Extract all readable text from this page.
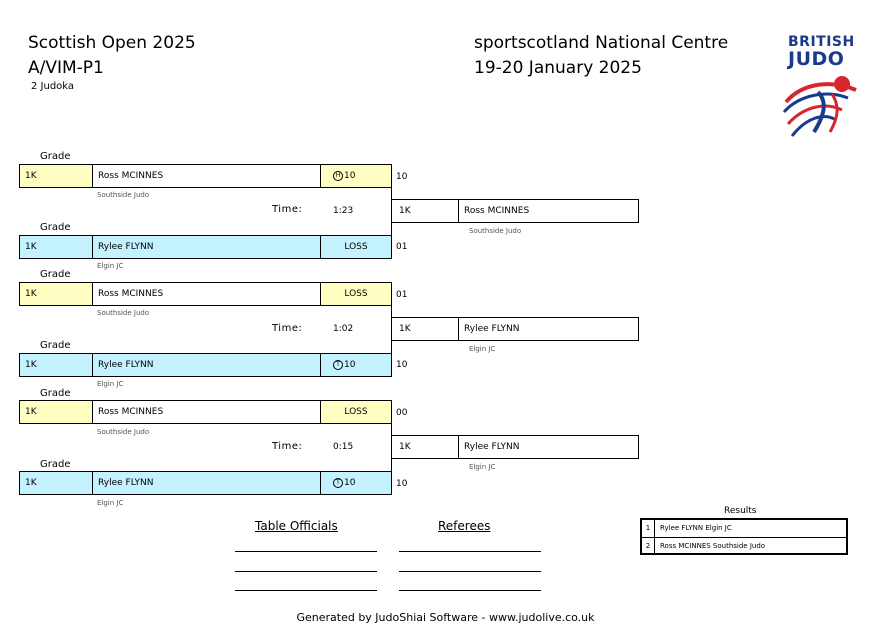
Scottish Open 2025
A/VIM-P1
2 Judoka
sportscotland National Centre
19-20 January 2025
BRITISH
JUDO
Grade
1K	Ross MCINNES	H 10	10
Southside Judo
Time:	1:23	1K	Ross MCINNES
Southside Judo
Grade
1K	Rylee FLYNN	LOSS	01
Elgin JC
Grade
1K	Ross MCINNES	LOSS	01
Southside Judo
Time:	1:02	1K	Rylee FLYNN
Elgin JC
Grade
1K	Rylee FLYNN	T 10	10
Elgin JC
Grade
1K	Ross MCINNES	LOSS	00
Southside Judo
Time:	0:15	1K	Rylee FLYNN
Elgin JC
Grade
1K	Rylee FLYNN	T 10	10
Elgin JC
Table Officials	Referees
Results
1	Rylee FLYNN Elgin JC
2	Ross MCINNES Southside Judo
Generated by JudoShiai Software - www.judolive.co.uk
